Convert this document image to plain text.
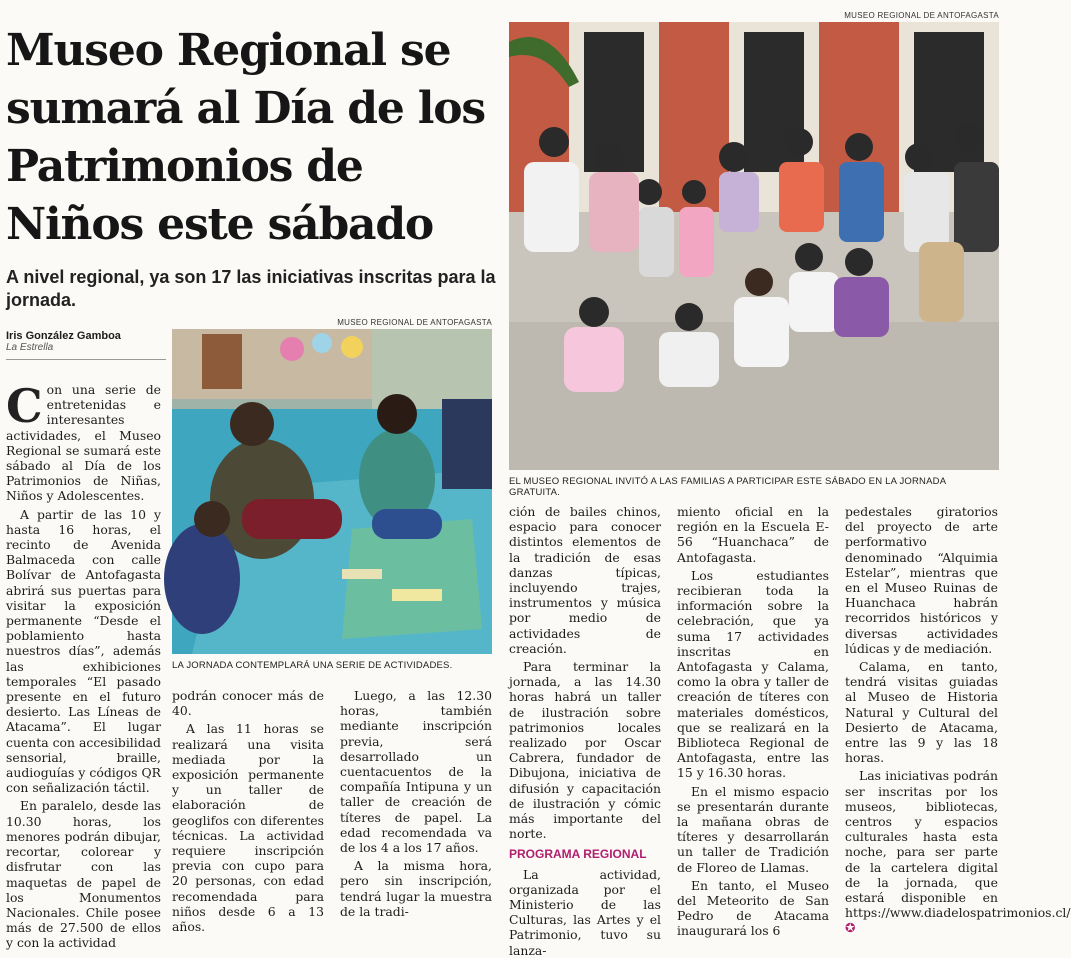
Museo Regional se sumará al Día de los Patrimonios de Niños este sábado

A nivel regional, ya son 17 las iniciativas inscritas para la jornada.

Iris González Gamboa
La Estrella
MUSEO REGIONAL DE ANTOFAGASTA
LA JORNADA CONTEMPLARÁ UNA SERIE DE ACTIVIDADES.
MUSEO REGIONAL DE ANTOFAGASTA
EL MUSEO REGIONAL INVITÓ A LAS FAMILIAS A PARTICIPAR ESTE SÁBADO EN LA JORNADA GRATUITA.

Con una serie de entretenidas e interesantes actividades, el Museo Regional se sumará este sábado al Día de los Patrimonios de Niñas, Niños y Adolescentes.

A partir de las 10 y hasta 16 horas, el recinto de Avenida Balmaceda con calle Bolívar de Antofagasta abrirá sus puertas para visitar la exposición permanente “Desde el poblamiento hasta nuestros días”, además las exhibiciones temporales “El pasado presente en el futuro desierto. Las Líneas de Atacama”. El lugar cuenta con accesibilidad sensorial, braille, audioguías y códigos QR con señalización táctil.

En paralelo, desde las 10.30 horas, los menores podrán dibujar, recortar, colorear y disfrutar con las maquetas de papel de los Monumentos Nacionales. Chile posee más de 27.500 de ellos y con la actividad

podrán conocer más de 40.

A las 11 horas se realizará una visita mediada por la exposición permanente y un taller de elaboración de geoglifos con diferentes técnicas. La actividad requiere inscripción previa con cupo para 20 personas, con edad recomendada para niños desde 6 a 13 años.

Luego, a las 12.30 horas, también mediante inscripción previa, será desarrollado un cuentacuentos de la compañía Intipuna y un taller de creación de títeres de papel. La edad recomendada va de los 4 a los 17 años.

A la misma hora, pero sin inscripción, tendrá lugar la muestra de la tradi-

ción de bailes chinos, espacio para conocer distintos elementos de la tradición de esas danzas típicas, incluyendo trajes, instrumentos y música por medio de actividades de creación.

Para terminar la jornada, a las 14.30 horas habrá un taller de ilustración sobre patrimonios locales realizado por Oscar Cabrera, fundador de Dibujona, iniciativa de difusión y capacitación de ilustración y cómic más importante del norte.

PROGRAMA REGIONAL

La actividad, organizada por el Ministerio de las Culturas, las Artes y el Patrimonio, tuvo su lanza-

miento oficial en la región en la Escuela E- 56 “Huanchaca” de Antofagasta.

Los estudiantes recibieran toda la información sobre la celebración, que ya suma 17 actividades inscritas en Antofagasta y Calama, como la obra y taller de creación de títeres con materiales domésticos, que se realizará en la Biblioteca Regional de Antofagasta, entre las 15 y 16.30 horas.

En el mismo espacio se presentarán durante la mañana obras de títeres y desarrollarán un taller de Tradición de Floreo de Llamas.

En tanto, el Museo del Meteorito de San Pedro de Atacama inaugurará los 6

pedestales giratorios del proyecto de arte performativo denominado “Alquimia Estelar”, mientras que en el Museo Ruinas de Huanchaca habrán recorridos históricos y diversas actividades lúdicas y de mediación.

Calama, en tanto, tendrá visitas guiadas al Museo de Historia Natural y Cultural del Desierto de Atacama, entre las 9 y las 18 horas.

Las iniciativas podrán ser inscritas por los museos, bibliotecas, centros y espacios culturales hasta esta noche, para ser parte de la cartelera digital de la jornada, que estará disponible en https://www.diadelospatrimonios.cl/ ✪
